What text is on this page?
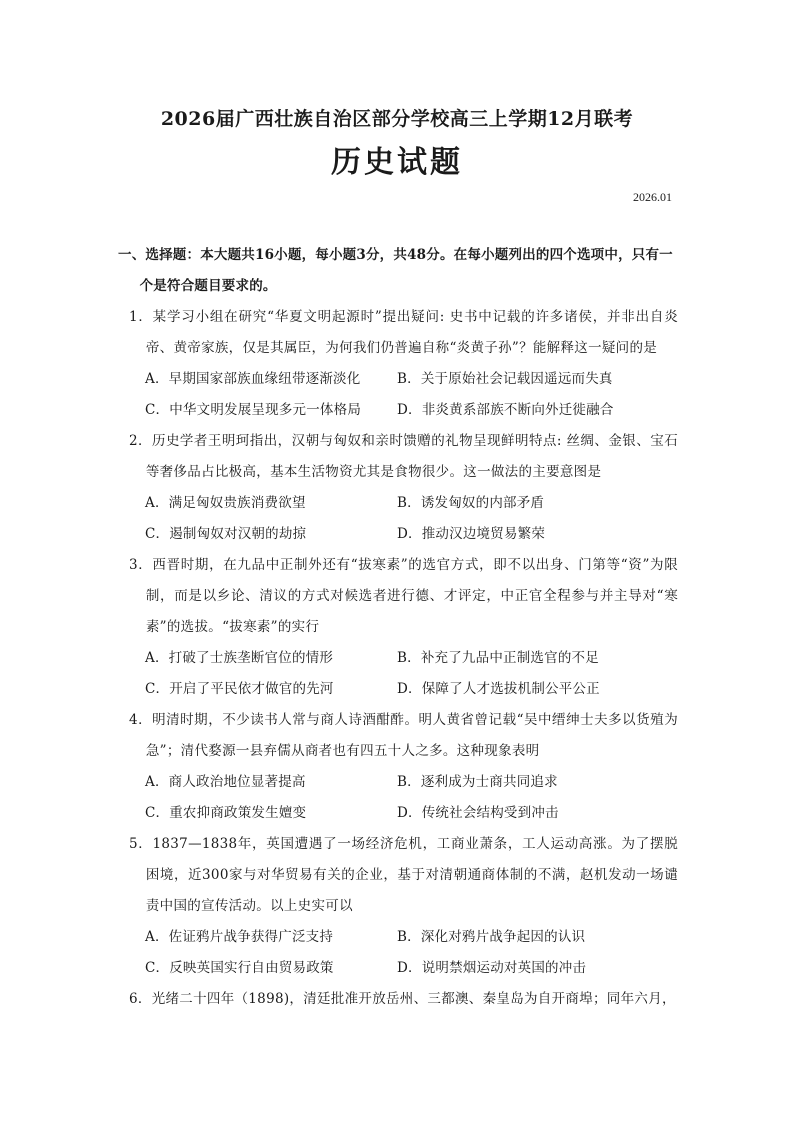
2026届广西壮族自治区部分学校高三上学期12月联考
历史试题
2026.01
一、选择题：本大题共16小题，每小题3分，共48分。在每小题列出的四个选项中，只有一个是符合题目要求的。
1．某学习小组在研究“华夏文明起源时”提出疑问: 史书中记载的许多诸侯，并非出自炎帝、黄帝家族，仅是其属臣，为何我们仍普遍自称“炎黄子孙”？能解释这一疑问的是
A．早期国家部族血缘纽带逐渐淡化	B．关于原始社会记载因遥远而失真
C．中华文明发展呈现多元一体格局	D．非炎黄系部族不断向外迁徙融合
2．历史学者王明珂指出，汉朝与匈奴和亲时馈赠的礼物呈现鲜明特点: 丝绸、金银、宝石等奢侈品占比极高，基本生活物资尤其是食物很少。这一做法的主要意图是
A．满足匈奴贵族消费欲望	B．诱发匈奴的内部矛盾
C．遏制匈奴对汉朝的劫掠	D．推动汉边境贸易繁荣
3．西晋时期，在九品中正制外还有“拔寒素”的选官方式，即不以出身、门第等“资”为限制，而是以乡论、清议的方式对候选者进行德、才评定，中正官全程参与并主导对“寒素”的选拔。“拔寒素”的实行
A．打破了士族垄断官位的情形	B．补充了九品中正制选官的不足
C．开启了平民依才做官的先河	D．保障了人才选拔机制公平公正
4．明清时期，不少读书人常与商人诗酒酣酢。明人黄省曾记载“吴中缙绅士夫多以货殖为急”；清代婺源一县弃儒从商者也有四五十人之多。这种现象表明
A．商人政治地位显著提高	B．逐利成为士商共同追求
C．重农抑商政策发生嬗变	D．传统社会结构受到冲击
5．1837—1838年，英国遭遇了一场经济危机，工商业萧条，工人运动高涨。为了摆脱困境，近300家与对华贸易有关的企业，基于对清朝通商体制的不满，赵机发动一场谴责中国的宣传活动。以上史实可以
A．佐证鸦片战争获得广泛支持	B．深化对鸦片战争起因的认识
C．反映英国实行自由贸易政策	D．说明禁烟运动对英国的冲击
6．光绪二十四年（1898)，清廷批准开放岳州、三都澳、秦皇岛为自开商埠；同年六月，
